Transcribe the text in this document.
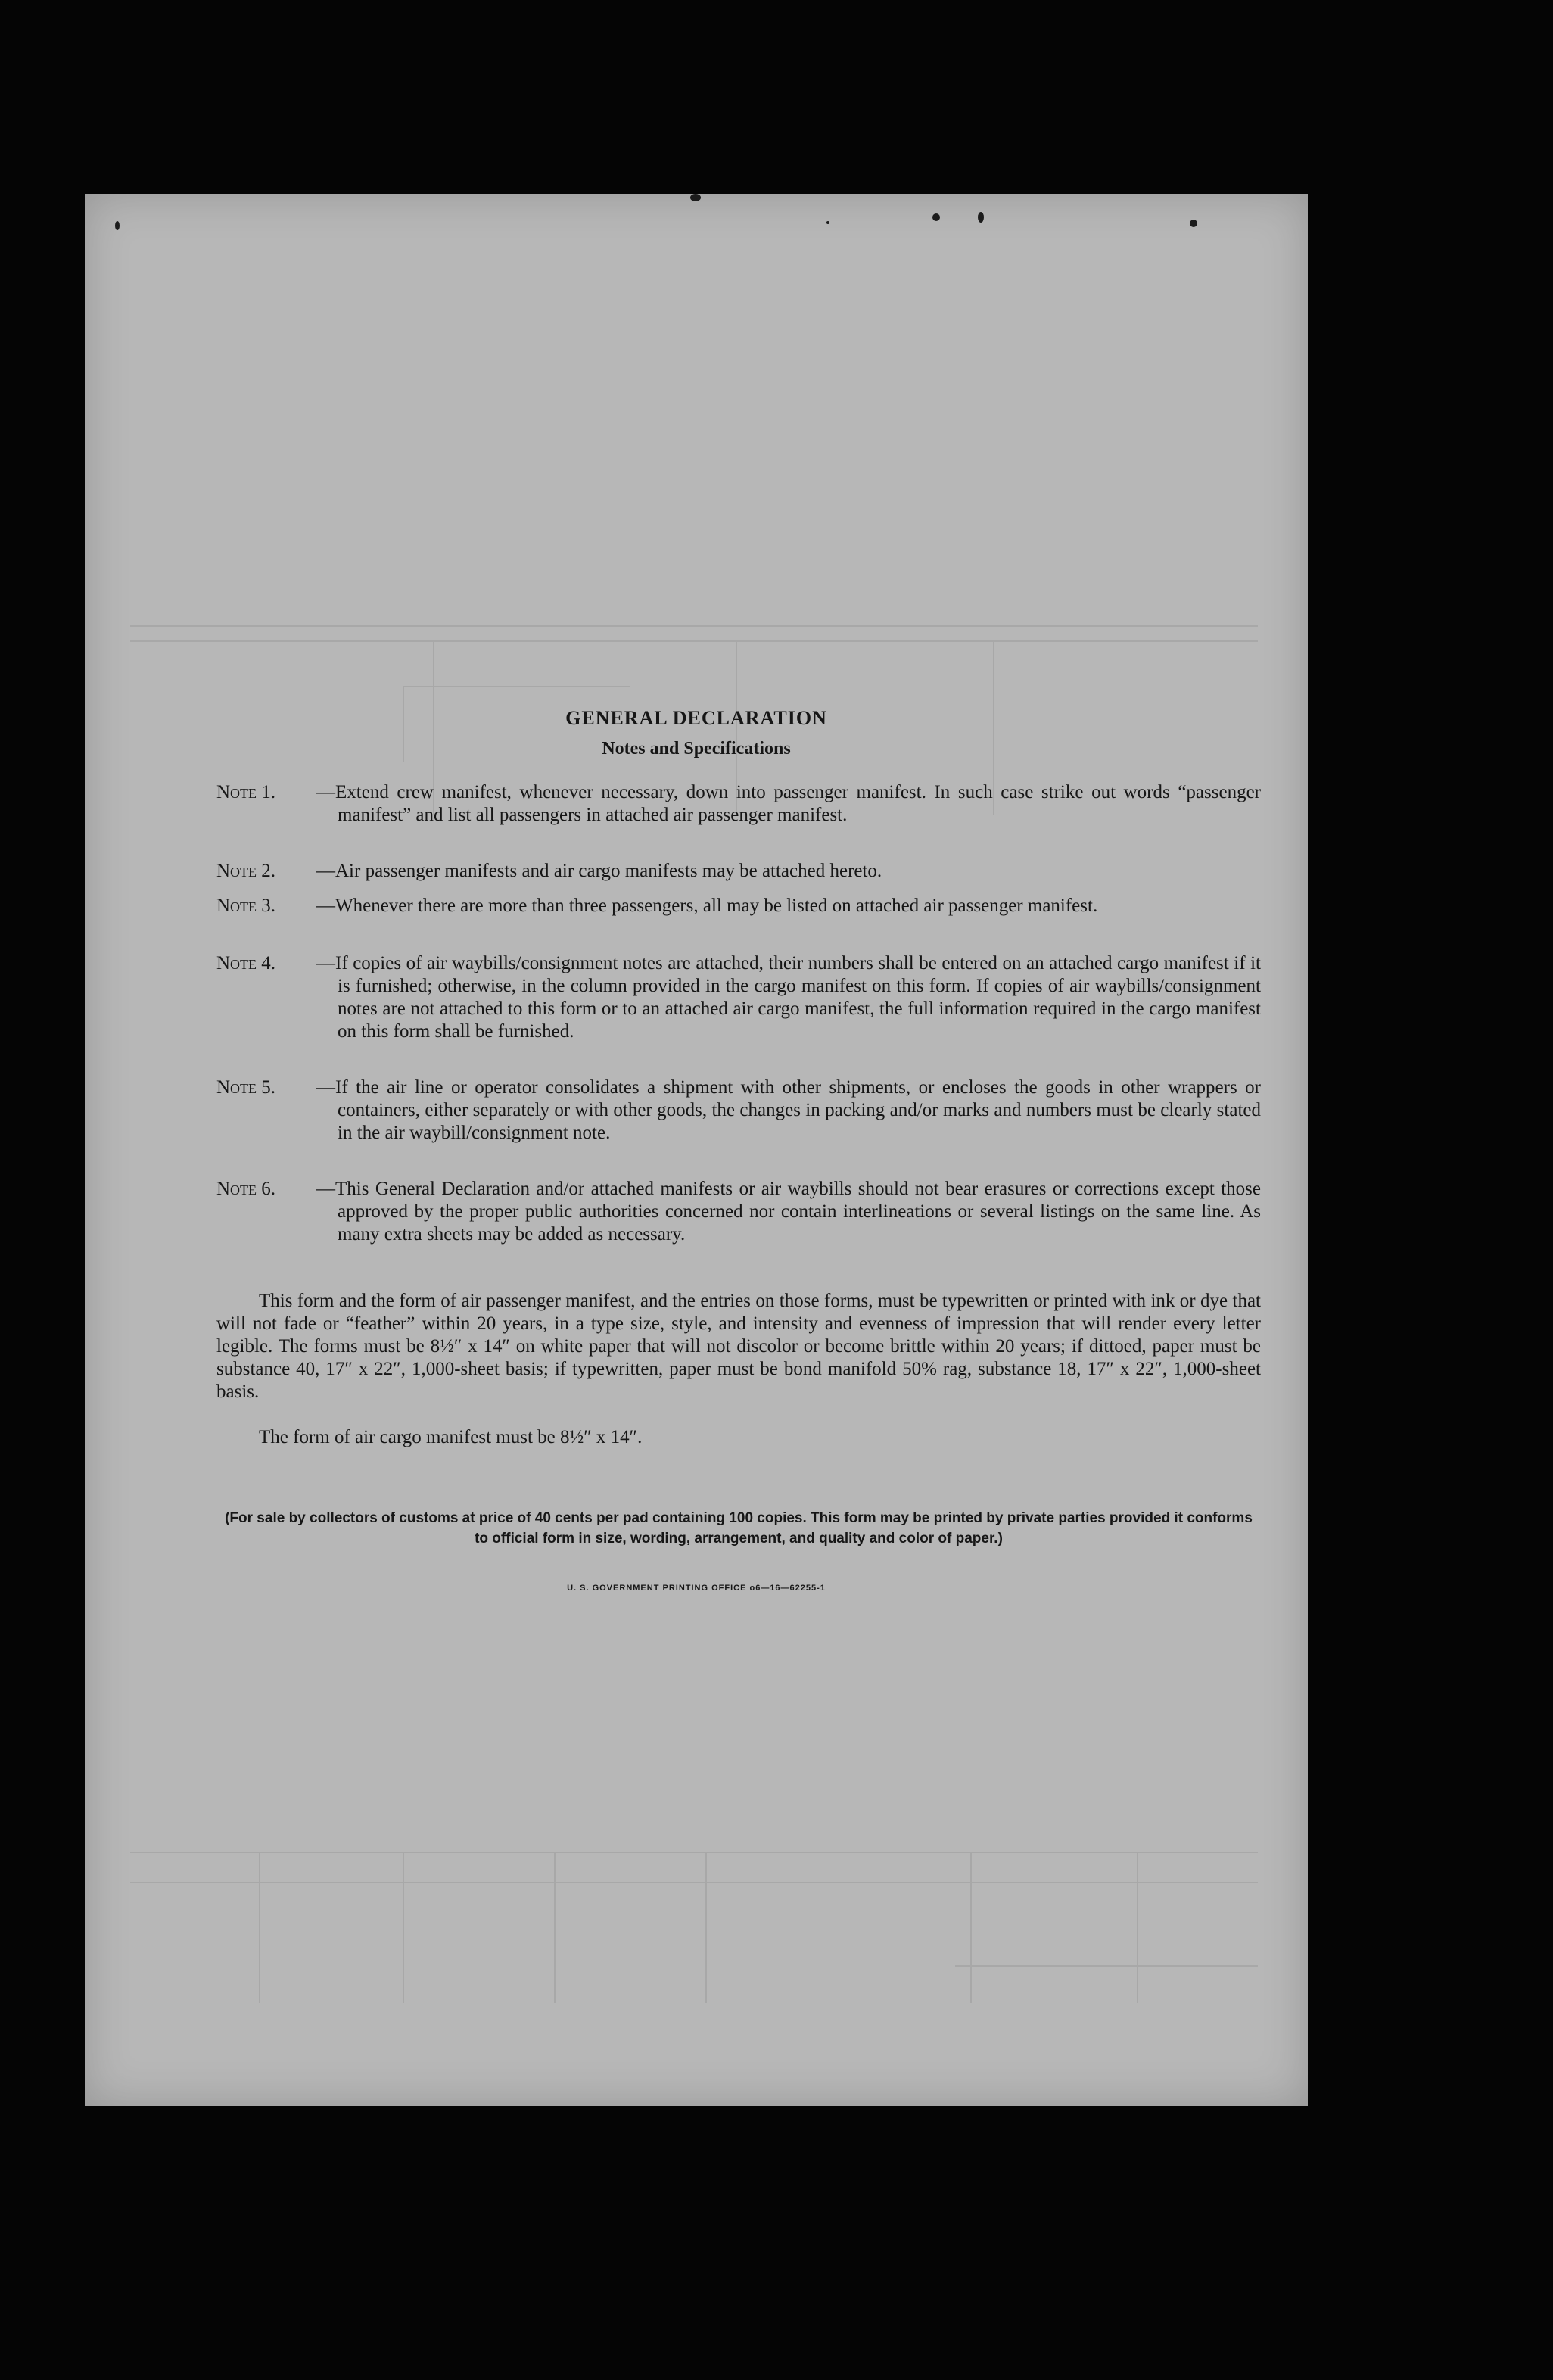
GENERAL DECLARATION
Notes and Specifications
Note 1. —Extend crew manifest, whenever necessary, down into passenger manifest. In such case strike out words “passenger manifest” and list all passengers in attached air passenger manifest.
Note 2. —Air passenger manifests and air cargo manifests may be attached hereto.
Note 3. —Whenever there are more than three passengers, all may be listed on attached air passenger manifest.
Note 4. —If copies of air waybills/consignment notes are attached, their numbers shall be entered on an attached cargo manifest if it is furnished; otherwise, in the column provided in the cargo manifest on this form. If copies of air waybills/consignment notes are not attached to this form or to an attached air cargo manifest, the full information required in the cargo manifest on this form shall be furnished.
Note 5. —If the air line or operator consolidates a shipment with other shipments, or encloses the goods in other wrappers or containers, either separately or with other goods, the changes in packing and/or marks and numbers must be clearly stated in the air waybill/consignment note.
Note 6. —This General Declaration and/or attached manifests or air waybills should not bear erasures or corrections except those approved by the proper public authorities concerned nor contain interlineations or several listings on the same line. As many extra sheets may be added as necessary.
This form and the form of air passenger manifest, and the entries on those forms, must be typewritten or printed with ink or dye that will not fade or “feather” within 20 years, in a type size, style, and intensity and evenness of impression that will render every letter legible. The forms must be 8½″ x 14″ on white paper that will not discolor or become brittle within 20 years; if dittoed, paper must be substance 40, 17″ x 22″, 1,000-sheet basis; if typewritten, paper must be bond manifold 50% rag, substance 18, 17″ x 22″, 1,000-sheet basis.
The form of air cargo manifest must be 8½″ x 14″.
(For sale by collectors of customs at price of 40 cents per pad containing 100 copies. This form may be printed by private parties provided it conforms to official form in size, wording, arrangement, and quality and color of paper.)
U. S. GOVERNMENT PRINTING OFFICE o6—16—62255-1
